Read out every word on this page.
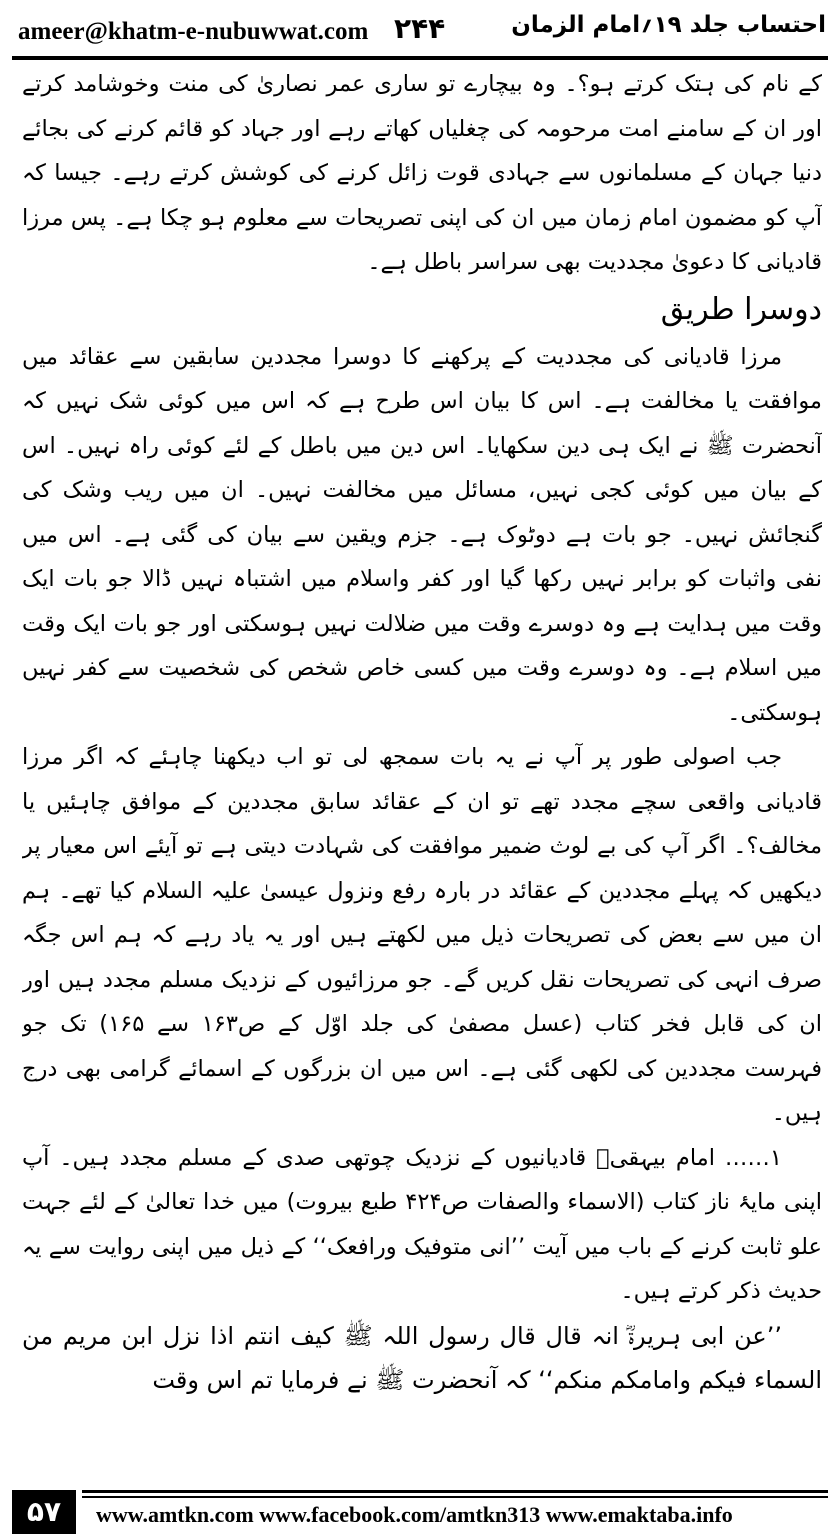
ameer@khatm-e-nubuwwat.com ۲۴۴	احتساب جلد ۱۹؍امام الزمان

کے نام کی ہتک کرتے ہو؟۔ وہ بیچارے تو ساری عمر نصاریٰ کی منت وخوشامد کرتے اور ان کے سامنے امت مرحومہ کی چغلیاں کھاتے رہے اور جہاد کو قائم کرنے کی بجائے دنیا جہان کے مسلمانوں سے جہادی قوت زائل کرنے کی کوشش کرتے رہے۔ جیسا کہ آپ کو مضمون امام زمان میں ان کی اپنی تصریحات سے معلوم ہو چکا ہے۔ پس مرزا قادیانی کا دعویٰ مجددیت بھی سراسر باطل ہے۔

دوسرا طریق

مرزا قادیانی کی مجددیت کے پرکھنے کا دوسرا مجددین سابقین سے عقائد میں موافقت یا مخالفت ہے۔ اس کا بیان اس طرح ہے کہ اس میں کوئی شک نہیں کہ آنحضرت ﷺ نے ایک ہی دین سکھایا۔ اس دین میں باطل کے لئے کوئی راہ نہیں۔ اس کے بیان میں کوئی کجی نہیں، مسائل میں مخالفت نہیں۔ ان میں ریب وشک کی گنجائش نہیں۔ جو بات ہے دوٹوک ہے۔ جزم ویقین سے بیان کی گئی ہے۔ اس میں نفی واثبات کو برابر نہیں رکھا گیا اور کفر واسلام میں اشتباہ نہیں ڈالا جو بات ایک وقت میں ہدایت ہے وہ دوسرے وقت میں ضلالت نہیں ہوسکتی اور جو بات ایک وقت میں اسلام ہے۔ وہ دوسرے وقت میں کسی خاص شخص کی شخصیت سے کفر نہیں ہوسکتی۔

جب اصولی طور پر آپ نے یہ بات سمجھ لی تو اب دیکھنا چاہئے کہ اگر مرزا قادیانی واقعی سچے مجدد تھے تو ان کے عقائد سابق مجددین کے موافق چاہئیں یا مخالف؟۔ اگر آپ کی بے لوث ضمیر موافقت کی شہادت دیتی ہے تو آیئے اس معیار پر دیکھیں کہ پہلے مجددین کے عقائد در بارہ رفع ونزول عیسیٰ علیہ السلام کیا تھے۔ ہم ان میں سے بعض کی تصریحات ذیل میں لکھتے ہیں اور یہ یاد رہے کہ ہم اس جگہ صرف انہی کی تصریحات نقل کریں گے۔ جو مرزائیوں کے نزدیک مسلم مجدد ہیں اور ان کی قابل فخر کتاب (عسل مصفیٰ کی جلد اوّل کے ص۱۶۳ سے ۱۶۵) تک جو فہرست مجددین کی لکھی گئی ہے۔ اس میں ان بزرگوں کے اسمائے گرامی بھی درج ہیں۔

۱…… امام بیہقیؒ قادیانیوں کے نزدیک چوتھی صدی کے مسلم مجدد ہیں۔ آپ اپنی مایۂ ناز کتاب (الاسماء والصفات ص۴۲۴ طبع بیروت) میں خدا تعالیٰ کے لئے جہت علو ثابت کرنے کے باب میں آیت ’’انی متوفیک ورافعک‘‘ کے ذیل میں اپنی روایت سے یہ حدیث ذکر کرتے ہیں۔

’’عن ابی ہریرۃؓ انہ قال قال رسول اللہ ﷺ کیف انتم اذا نزل ابن مریم من السماء فیکم وامامکم منکم‘‘ کہ آنحضرت ﷺ نے فرمایا تم اس وقت

۵۷	www.amtkn.com www.facebook.com/amtkn313 www.emaktaba.info
